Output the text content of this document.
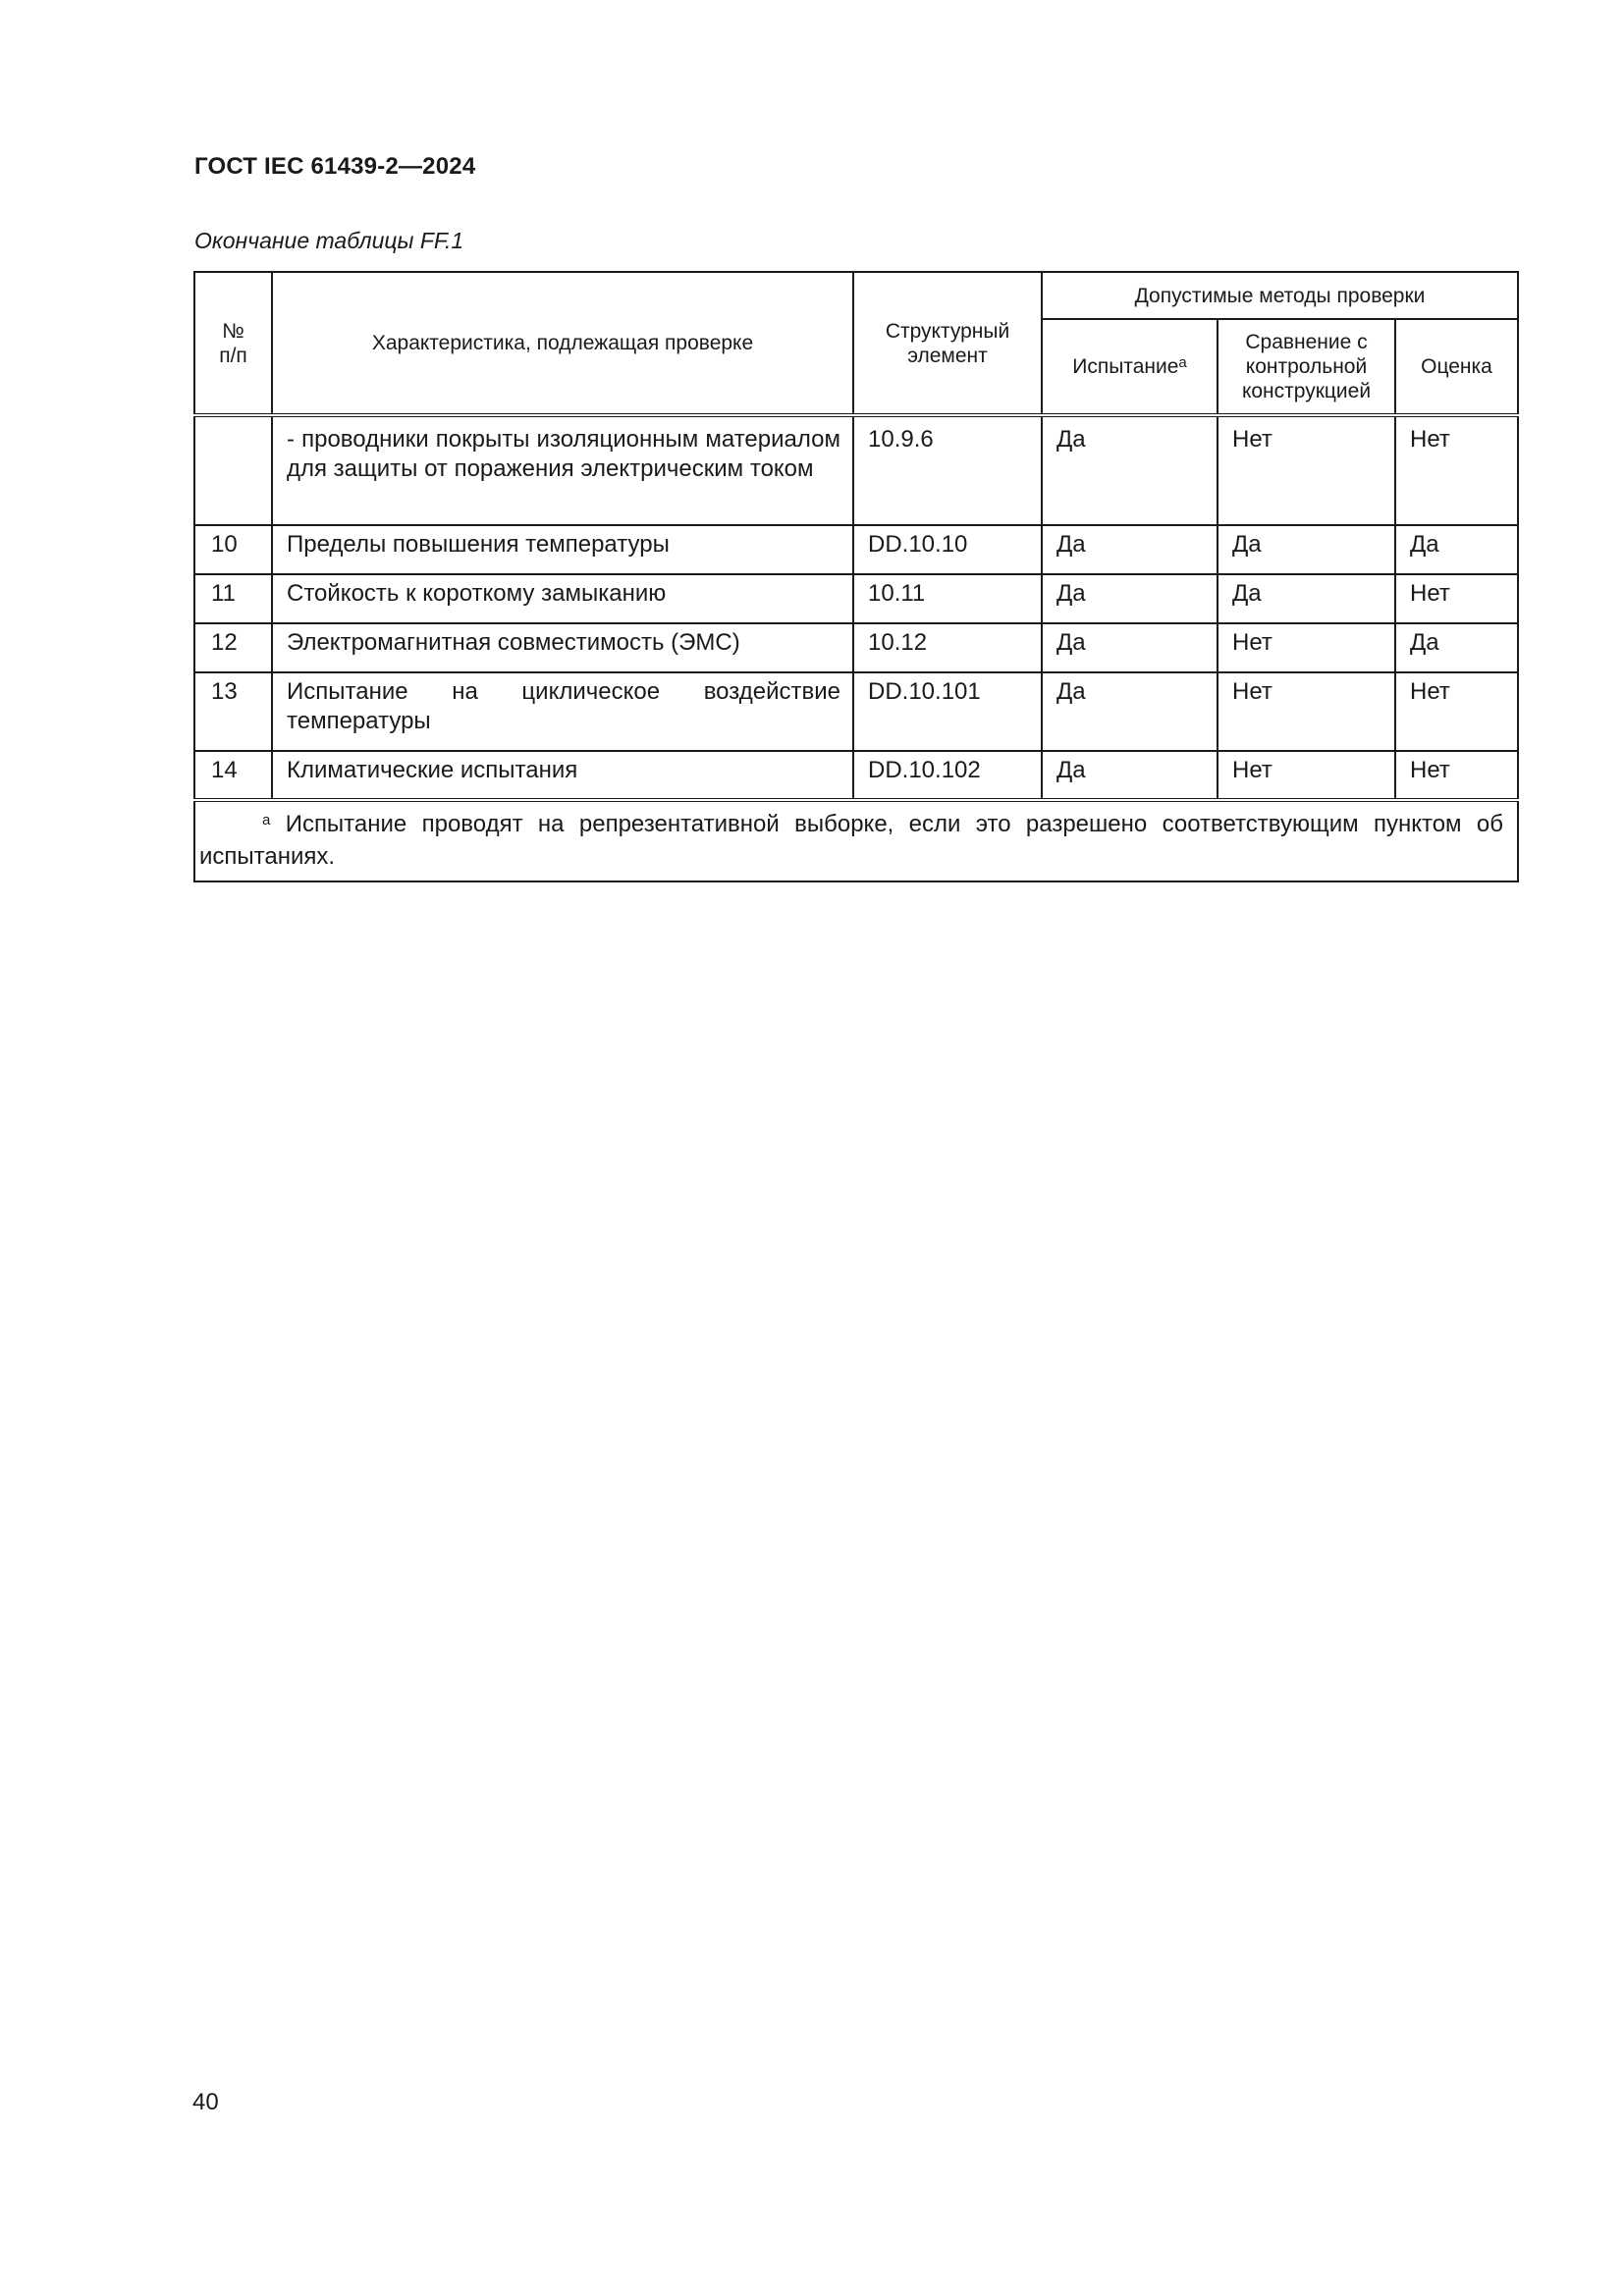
ГОСТ IEC 61439-2—2024
Окончание таблицы FF.1
№ п/п	Характеристика, подлежащая проверке	Структурный элемент	Допустимые методы проверки		
			Испытание$^a$	Сравнение с контрольной конструкцией	Оценка
	- проводники покрыты изоляционным материалом для защиты от поражения электрическим током	10.9.6	Да	Нет	Нет
10	Пределы повышения температуры	DD.10.10	Да	Да	Да
11	Стойкость к короткому замыканию	10.11	Да	Да	Нет
12	Электромагнитная совместимость (ЭМС)	10.12	Да	Нет	Да
13	Испытание на циклическое воздействие температуры	DD.10.101	Да	Нет	Нет
14	Климатические испытания	DD.10.102	Да	Нет	Нет
$^a$ Испытание проводят на репрезентативной выборке, если это разрешено соответствующим пунктом об испытаниях.					
40
